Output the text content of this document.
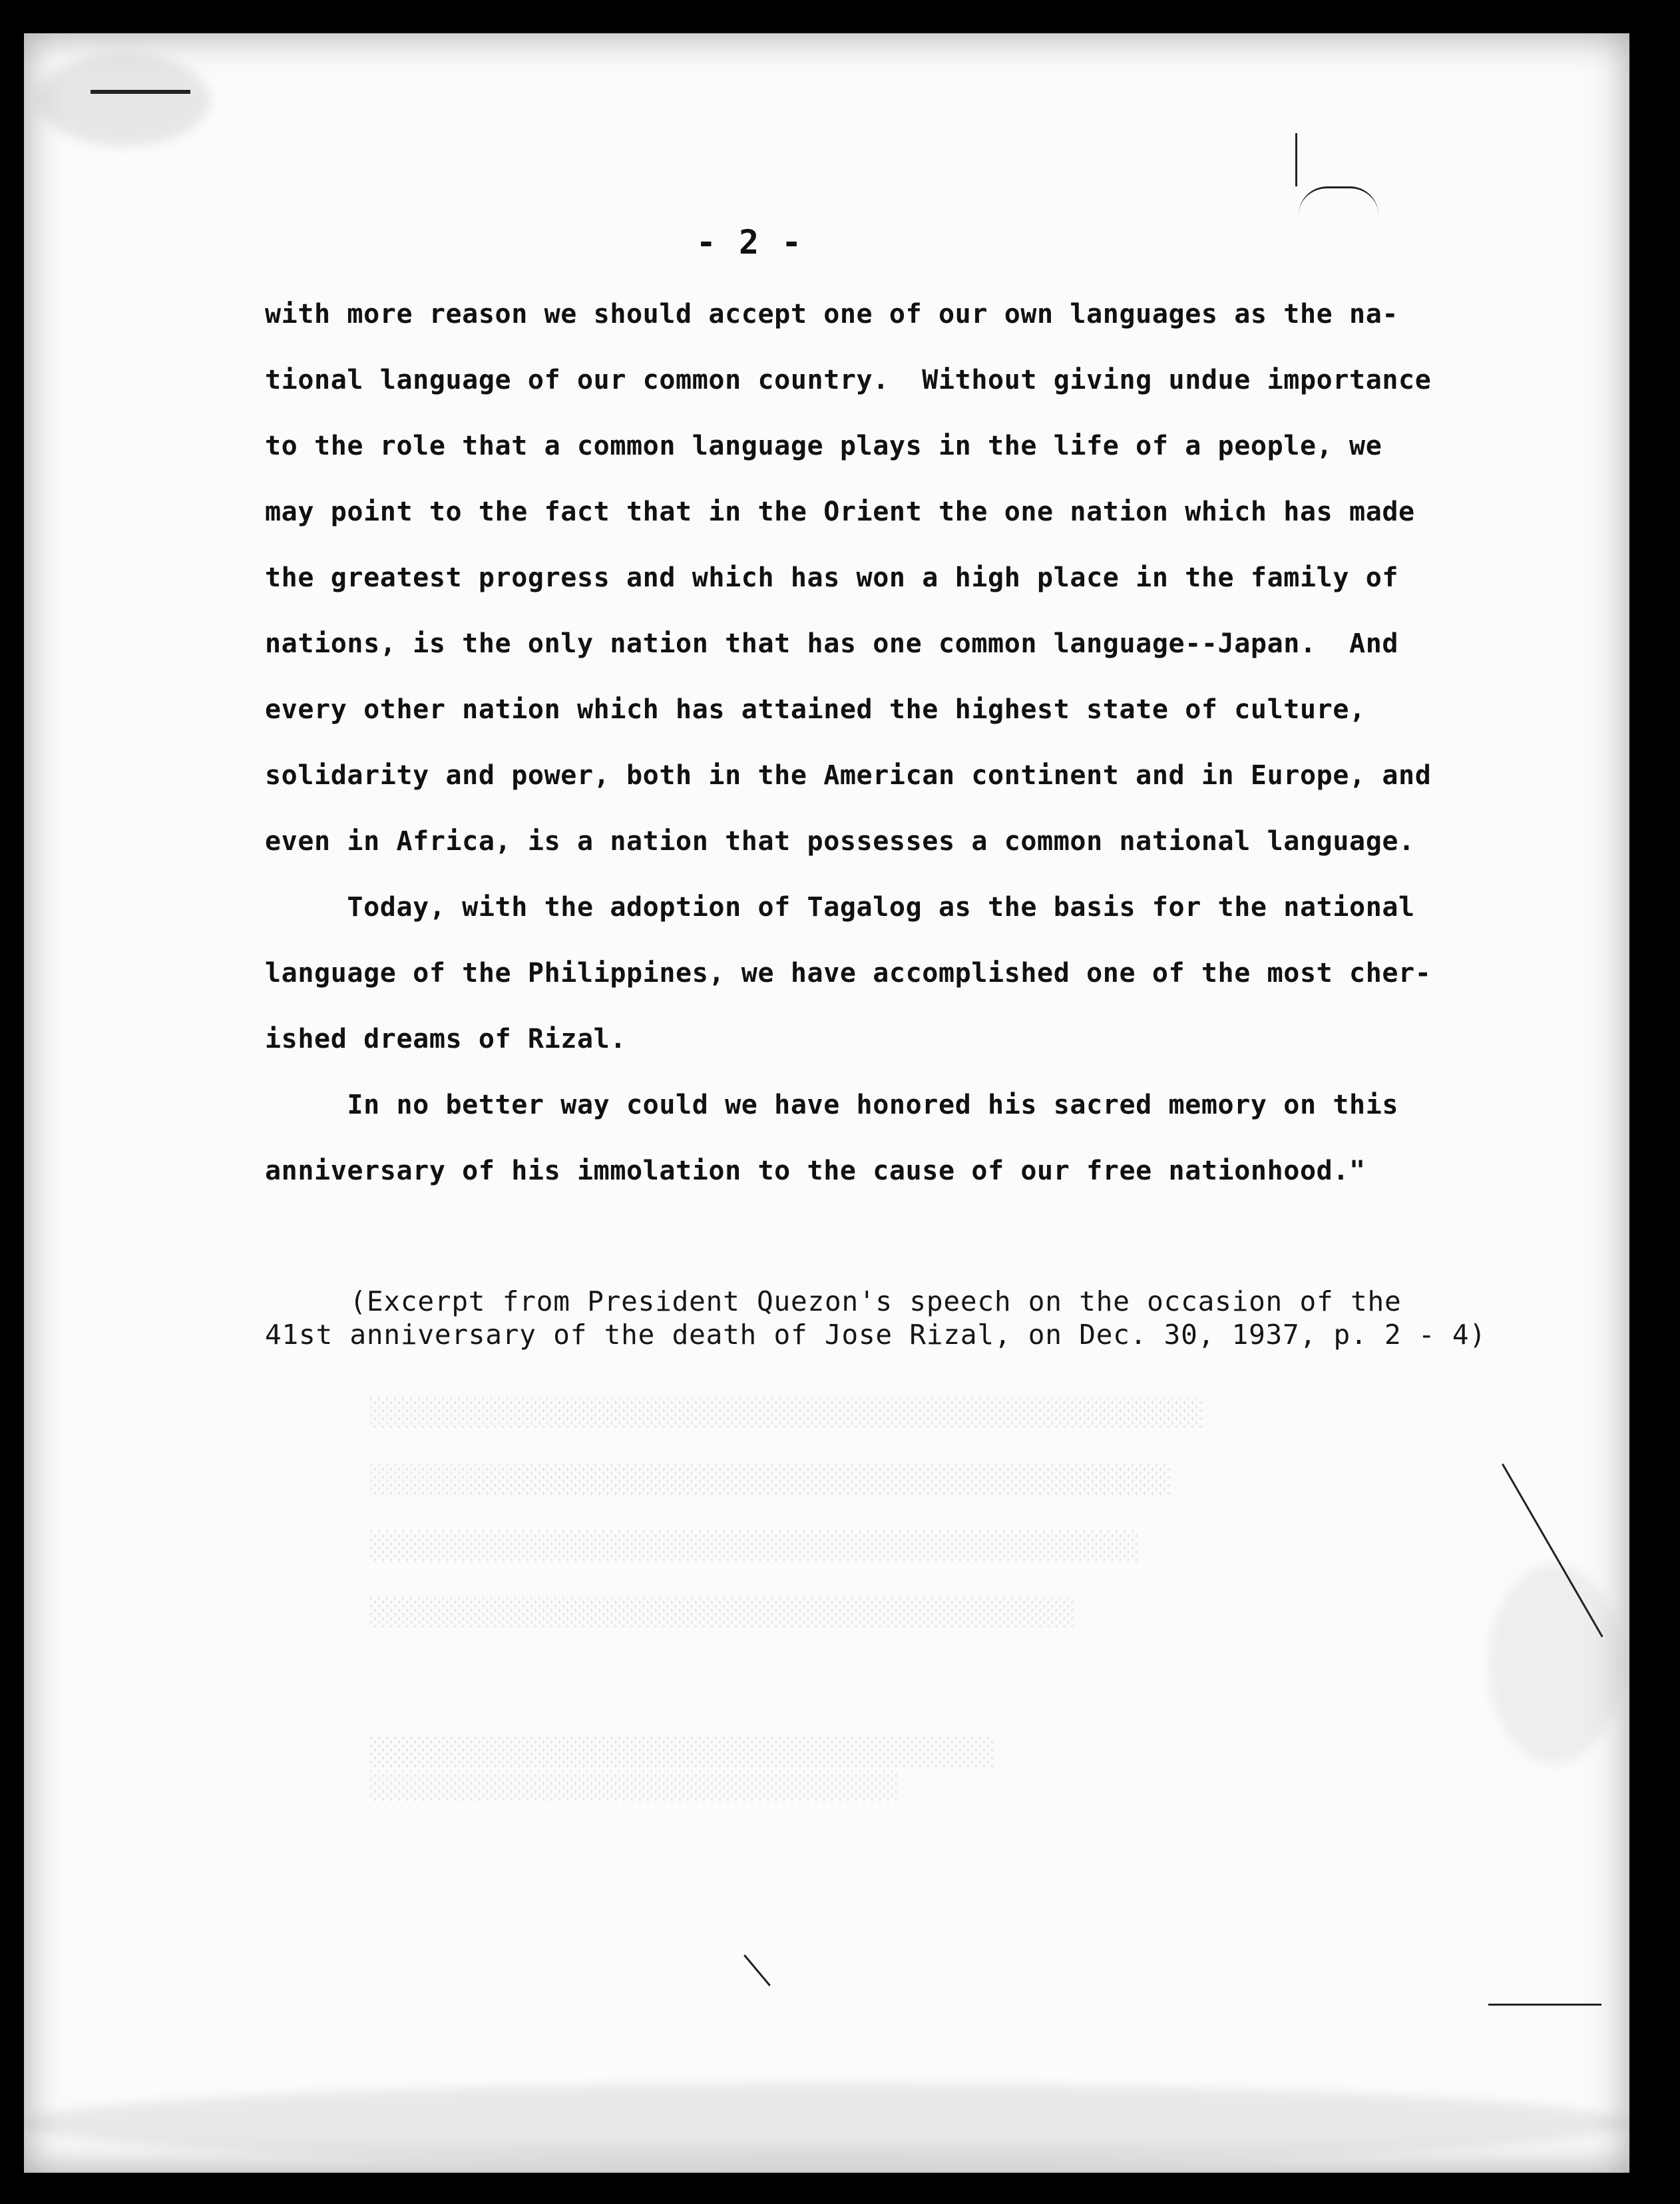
░░░░░░░░░░░░░░░░░░░░░░░░░░░░░░░░░░░░░░░░░░░░░░░░░░░░
░░░░░░░░░░░░░░░░░░░░░░░░░░░░░░░░░░░░░░░░░░░░░░░░░░
░░░░░░░░░░░░░░░░░░░░░░░░░░░░░░░░░░░░░░░░░░░░░░░░
░░░░░░░░░░░░░░░░░░░░░░░░░░░░░░░░░░░░░░░░░░░░
░░░░░░░░░░░░░░░░░░░░░░░░░░░░░░░░░░░░░░░
░░░░░░░░░░░░░░░░░░░░░░░░░░░░░░░░░
- 2 -
with more reason we should accept one of our own languages as the na-
tional language of our common country.  Without giving undue importance
to the role that a common language plays in the life of a people, we
may point to the fact that in the Orient the one nation which has made
the greatest progress and which has won a high place in the family of
nations, is the only nation that has one common language--Japan.  And
every other nation which has attained the highest state of culture,
solidarity and power, both in the American continent and in Europe, and
even in Africa, is a nation that possesses a common national language.
Today, with the adoption of Tagalog as the basis for the national
language of the Philippines, we have accomplished one of the most cher-
ished dreams of Rizal.
In no better way could we have honored his sacred memory on this
anniversary of his immolation to the cause of our free nationhood."
(Excerpt from President Quezon's speech on the occasion of the
41st anniversary of the death of Jose Rizal, on Dec. 30, 1937, p. 2 - 4)
